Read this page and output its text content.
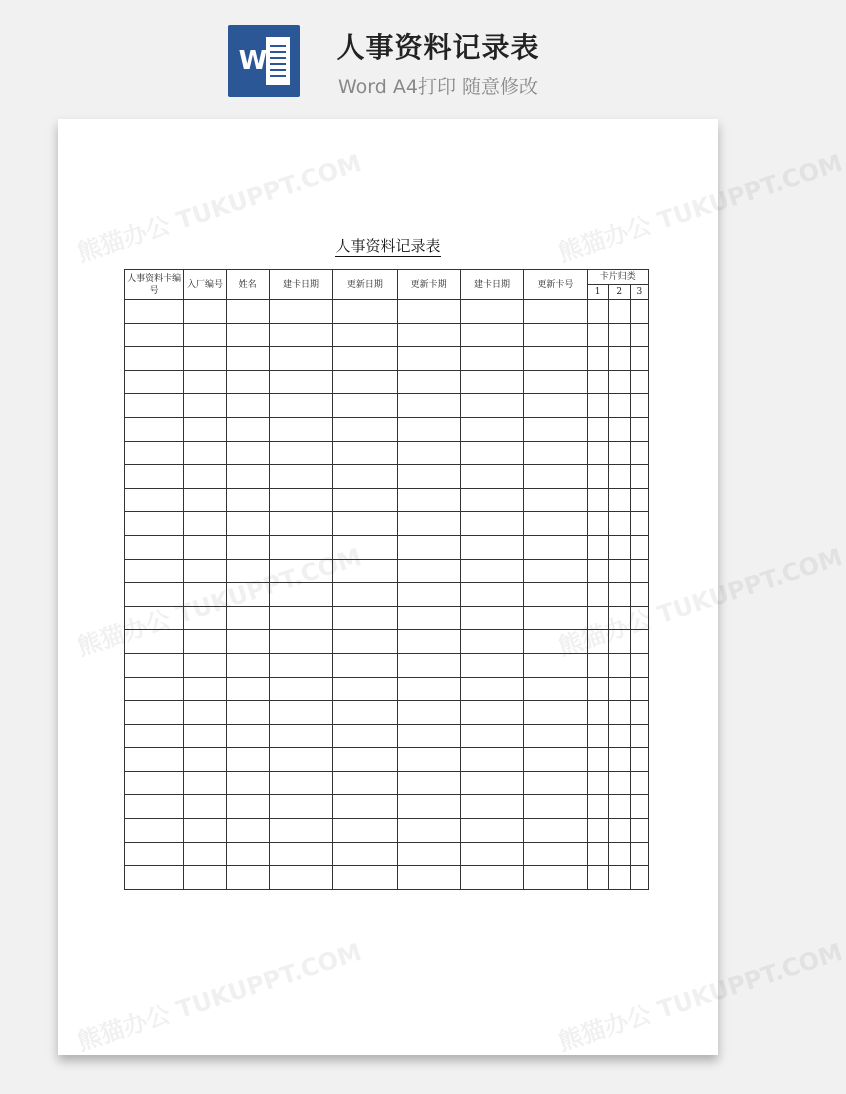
W	人事资料记录表
Word A4打印 随意修改
熊猫办公 TUKUPPT.COM	熊猫办公 TUKUPPT.COM
熊猫办公 TUKUPPT.COM	熊猫办公 TUKUPPT.COM
熊猫办公 TUKUPPT.COM	熊猫办公 TUKUPPT.COM
人事资料记录表
人事资料卡编号	入厂编号	姓名	建卡日期	更新日期	更新卡期	建卡日期	更新卡号	卡片归类		
								1	2	3
